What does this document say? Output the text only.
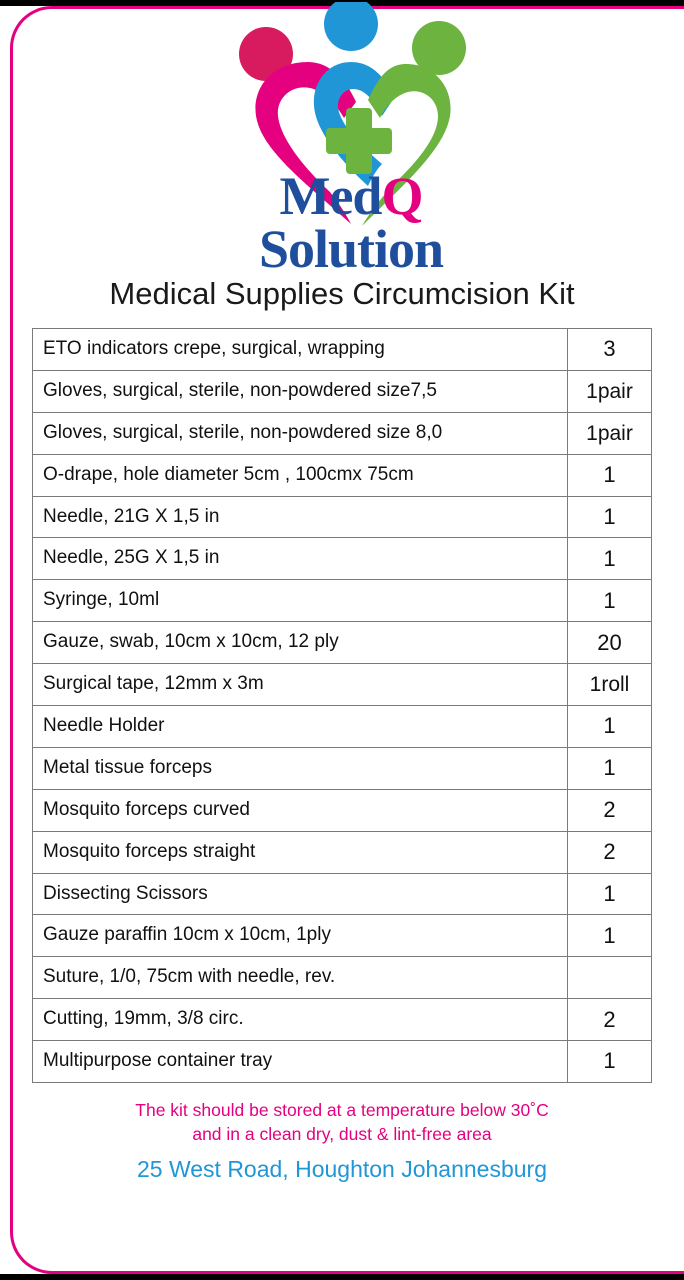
MedQ
Solution
Medical Supplies Circumcision Kit
ETO indicators crepe, surgical, wrapping	3
Gloves, surgical, sterile, non-powdered size7,5	1pair
Gloves, surgical, sterile, non-powdered size 8,0	1pair
O-drape, hole diameter 5cm , 100cmx 75cm	1
Needle, 21G X 1,5 in	1
Needle, 25G X 1,5 in	1
Syringe, 10ml	1
Gauze, swab, 10cm x 10cm, 12 ply	20
Surgical tape, 12mm x 3m	1roll
Needle Holder	1
Metal tissue forceps	1
Mosquito forceps curved	2
Mosquito forceps straight	2
Dissecting Scissors	1
Gauze paraffin 10cm x 10cm, 1ply	1
Suture, 1/0, 75cm with needle, rev.	
Cutting, 19mm, 3/8 circ.	2
Multipurpose container tray	1
The kit should be stored at a temperature below 30˚C
and in a clean dry, dust & lint-free area
25 West Road, Houghton Johannesburg
